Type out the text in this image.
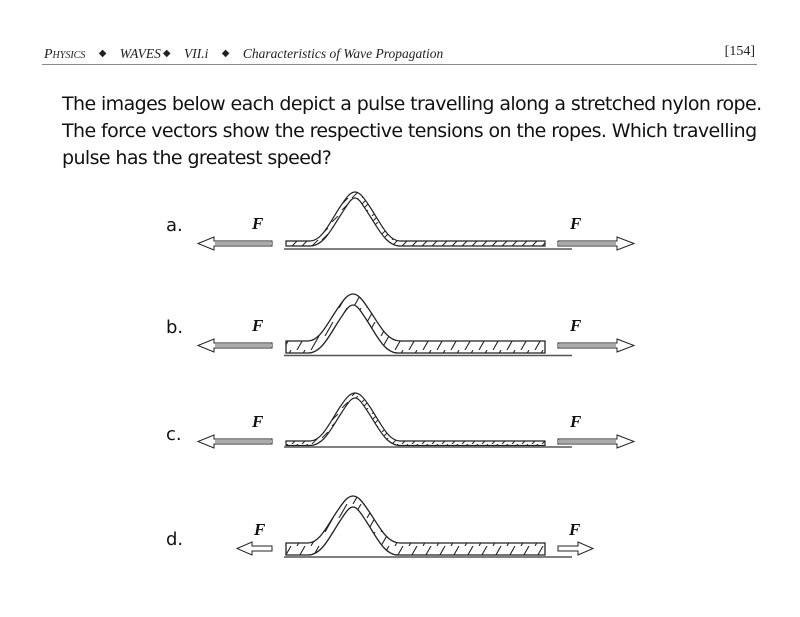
Physics ◆ WAVES ◆ VII.i ◆ Characteristics of Wave Propagation	[154]
The images below each depict a pulse travelling along a stretched nylon rope. The force vectors show the respective tensions on the ropes. Which travelling pulse has the greatest speed?
a.	F	F
b.	F	F
c.
F	F
d.	F	F
